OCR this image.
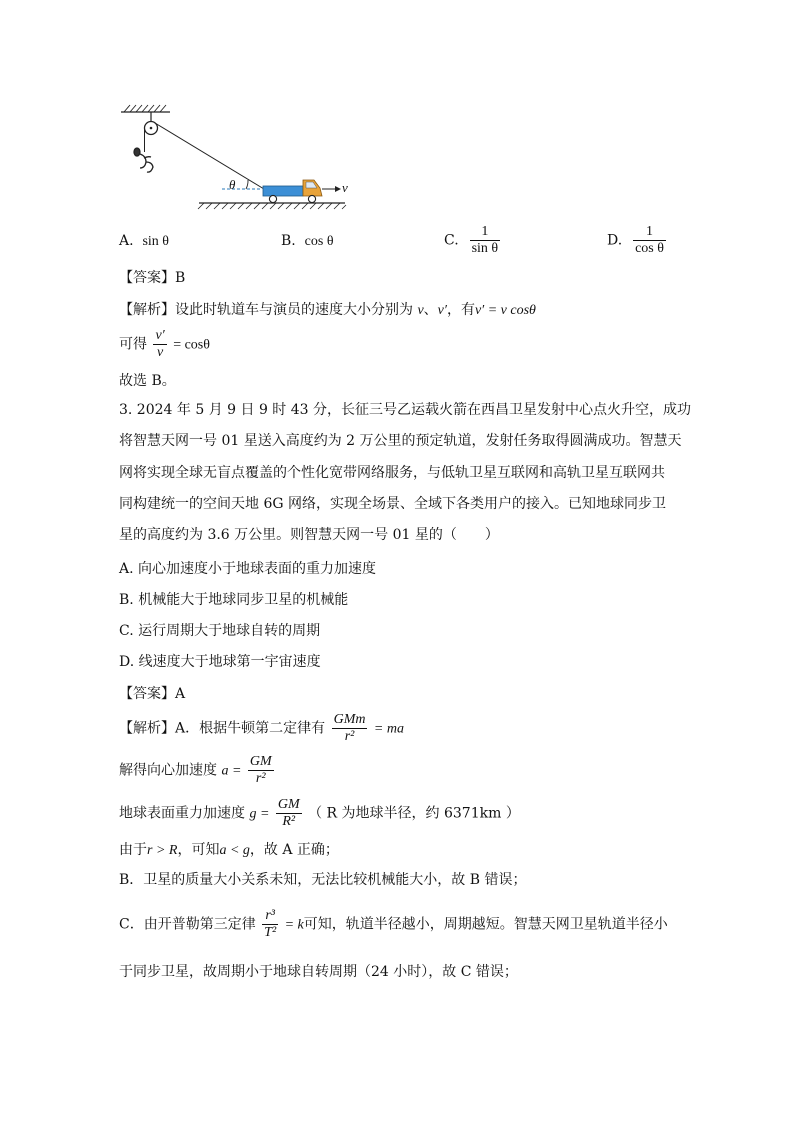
θ	v
A. sin θ	B. cos θ	C. $\frac{1}{\text{sin θ}}$	D. $\frac{1}{\text{cos θ}}$
【答案】B
【解析】设此时轨道车与演员的速度大小分别为 v、v′，有v′ = v cosθ
可得 $\frac{v'}{v} = \cos\theta$
故选 B。
3. 2024 年 5 月 9 日 9 时 43 分，长征三号乙运载火箭在西昌卫星发射中心点火升空，成功
将智慧天网一号 01 星送入高度约为 2 万公里的预定轨道，发射任务取得圆满成功。智慧天
网将实现全球无盲点覆盖的个性化宽带网络服务，与低轨卫星互联网和高轨卫星互联网共
同构建统一的空间天地 6G 网络，实现全场景、全域下各类用户的接入。已知地球同步卫
星的高度约为 3.6 万公里。则智慧天网一号 01 星的（　　）
A. 向心加速度小于地球表面的重力加速度
B. 机械能大于地球同步卫星的机械能
C. 运行周期大于地球自转的周期
D. 线速度大于地球第一宇宙速度
【答案】A
【解析】A．根据牛顿第二定律有 $\frac{\text{GMm}}{\text{r²}}$ = ma
解得向心加速度 $a = \frac{GM}{\text{r²}}$
地球表面重力加速度 $g = \frac{GM}{\text{R²}}$ （ R 为地球半径，约 6371km ）
由于r > R，可知a < g，故 A 正确；
B．卫星的质量大小关系未知，无法比较机械能大小，故 B 错误；
C．由开普勒第三定律 $\frac{\text{r³}}{\text{T²}} = k$可知，轨道半径越小，周期越短。智慧天网卫星轨道半径小
于同步卫星，故周期小于地球自转周期（24 小时），故 C 错误；
